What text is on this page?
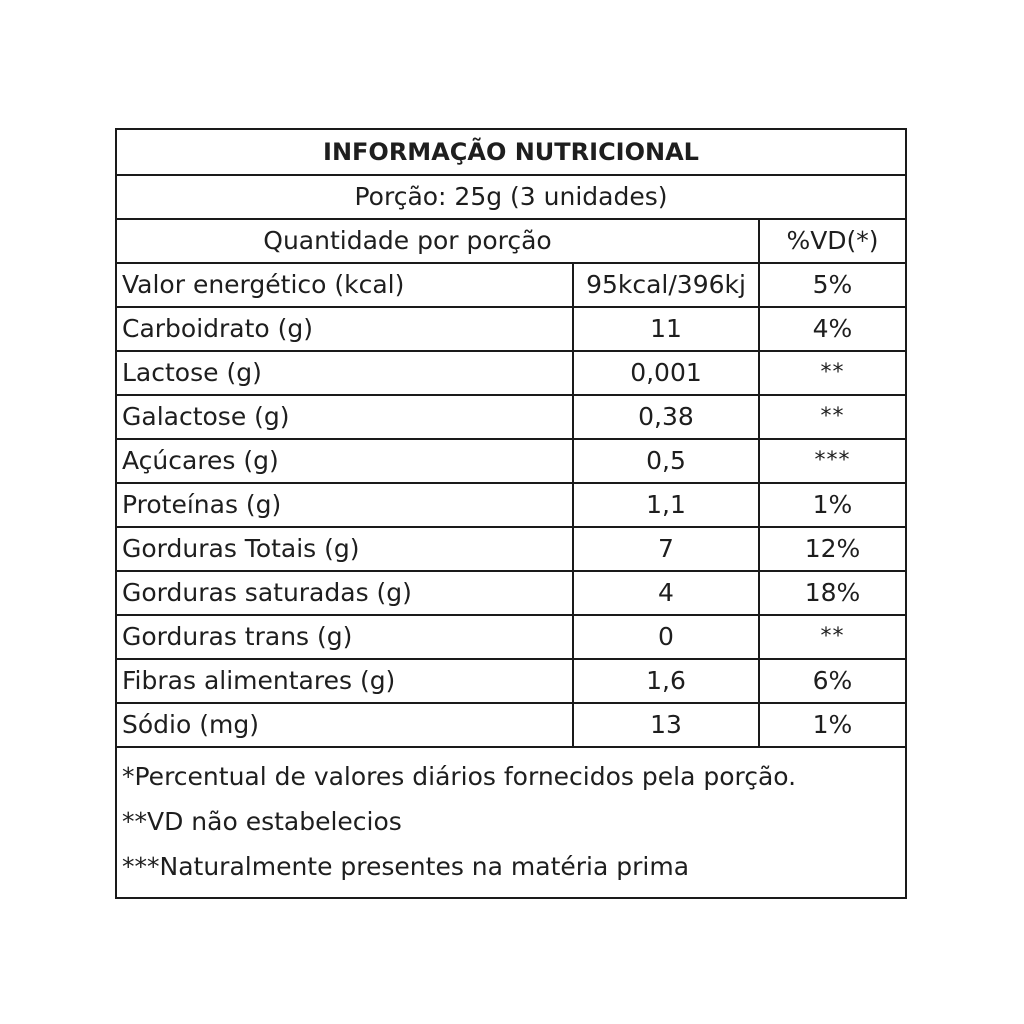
INFORMAÇÃO NUTRICIONAL		
Porção: 25g (3 unidades)		
Quantidade por porção		%VD(*)
Valor energético (kcal)	95kcal/396kj	5%
Carboidrato (g)	11	4%
Lactose (g)	0,001	**
Galactose (g)	0,38	**
Açúcares (g)	0,5	***
Proteínas (g)	1,1	1%
Gorduras Totais (g)	7	12%
Gorduras saturadas (g)	4	18%
Gorduras trans (g)	0	**
Fibras alimentares (g)	1,6	6%
Sódio (mg)	13	1%

*Percentual de valores diários fornecidos pela porção.
**VD não estabelecios
***Naturalmente presentes na matéria prima		
